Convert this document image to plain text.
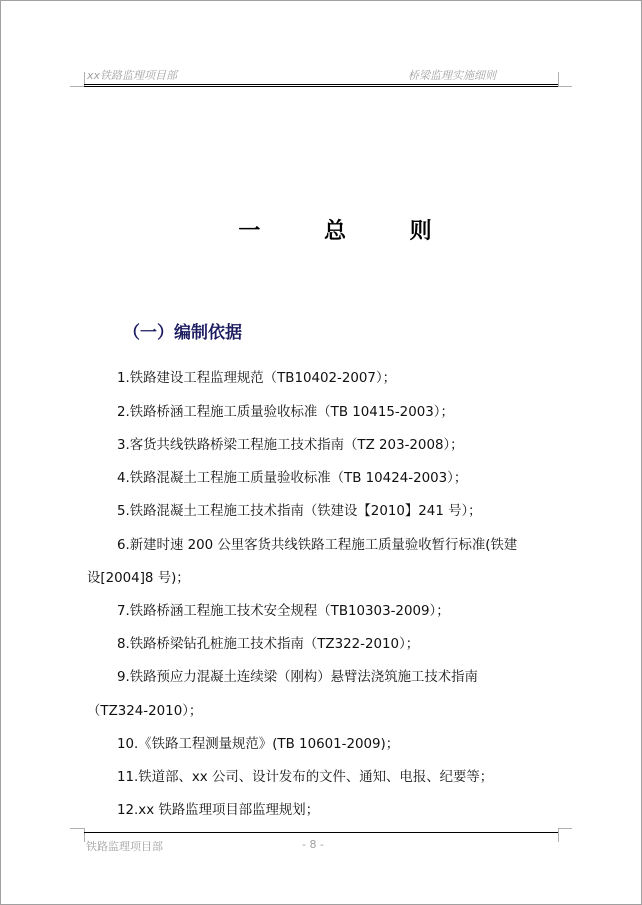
xx铁路监理项目部	桥梁监理实施细则
一 总 则
（一）编制依据
1.铁路建设工程监理规范（TB10402-2007）；
2.铁路桥涵工程施工质量验收标准（TB 10415-2003）；
3.客货共线铁路桥梁工程施工技术指南（TZ 203-2008）；
4.铁路混凝土工程施工质量验收标准（TB 10424-2003）；
5.铁路混凝土工程施工技术指南（铁建设【2010】241 号）；
6.新建时速 200 公里客货共线铁路工程施工质量验收暂行标准(铁建
设[2004]8 号)；
7.铁路桥涵工程施工技术安全规程（TB10303-2009）；
8.铁路桥梁钻孔桩施工技术指南（TZ322-2010）；
9.铁路预应力混凝土连续梁（刚构）悬臂法浇筑施工技术指南
（TZ324-2010）；
10.《铁路工程测量规范》(TB 10601-2009)；
11.铁道部、xx 公司、设计发布的文件、通知、电报、纪要等；
12.xx 铁路监理项目部监理规划；
铁路监理项目部	- 8 -
